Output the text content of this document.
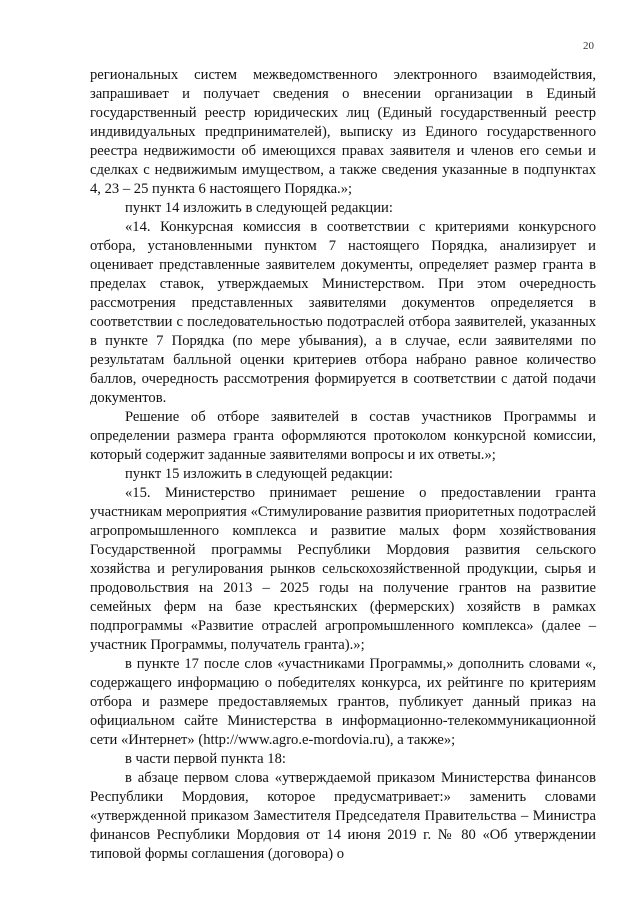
20

региональных систем межведомственного электронного взаимодействия, запрашивает и получает сведения о внесении организации в Единый государственный реестр юридических лиц (Единый государственный реестр индивидуальных предпринимателей), выписку из Единого государственного реестра недвижимости об имеющихся правах заявителя и членов его семьи и сделках с недвижимым имуществом, а также сведения указанные в подпунктах 4, 23 – 25 пункта 6 настоящего Порядка.»;

пункт 14 изложить в следующей редакции:

«14. Конкурсная комиссия в соответствии с критериями конкурсного отбора, установленными пунктом 7 настоящего Порядка, анализирует и оценивает представленные заявителем документы, определяет размер гранта в пределах ставок, утверждаемых Министерством. При этом очередность рассмотрения представленных заявителями документов определяется в соответствии с последовательностью подотраслей отбора заявителей, указанных в пункте 7 Порядка (по мере убывания), а в случае, если заявителями по результатам балльной оценки критериев отбора набрано равное количество баллов, очередность рассмотрения формируется в соответствии с датой подачи документов.

Решение об отборе заявителей в состав участников Программы и определении размера гранта оформляются протоколом конкурсной комиссии, который содержит заданные заявителями вопросы и их ответы.»;

пункт 15 изложить в следующей редакции:

«15. Министерство принимает решение о предоставлении гранта участникам мероприятия «Стимулирование развития приоритетных подотраслей агропромышленного комплекса и развитие малых форм хозяйствования Государственной программы Республики Мордовия развития сельского хозяйства и регулирования рынков сельскохозяйственной продукции, сырья и продовольствия на 2013 – 2025 годы на получение грантов на развитие семейных ферм на базе крестьянских (фермерских) хозяйств в рамках подпрограммы «Развитие отраслей агропромышленного комплекса» (далее – участник Программы, получатель гранта).»;

в пункте 17 после слов «участниками Программы,» дополнить словами «, содержащего информацию о победителях конкурса, их рейтинге по критериям отбора и размере предоставляемых грантов, публикует данный приказ на официальном сайте Министерства в информационно-телекоммуникационной сети «Интернет» (http://www.agro.e-mordovia.ru), а также»;

в части первой пункта 18:

в абзаце первом слова «утверждаемой приказом Министерства финансов Республики Мордовия, которое предусматривает:» заменить словами «утвержденной приказом Заместителя Председателя Правительства – Министра финансов Республики Мордовия от 14 июня 2019 г. № 80 «Об утверждении типовой формы соглашения (договора) о
